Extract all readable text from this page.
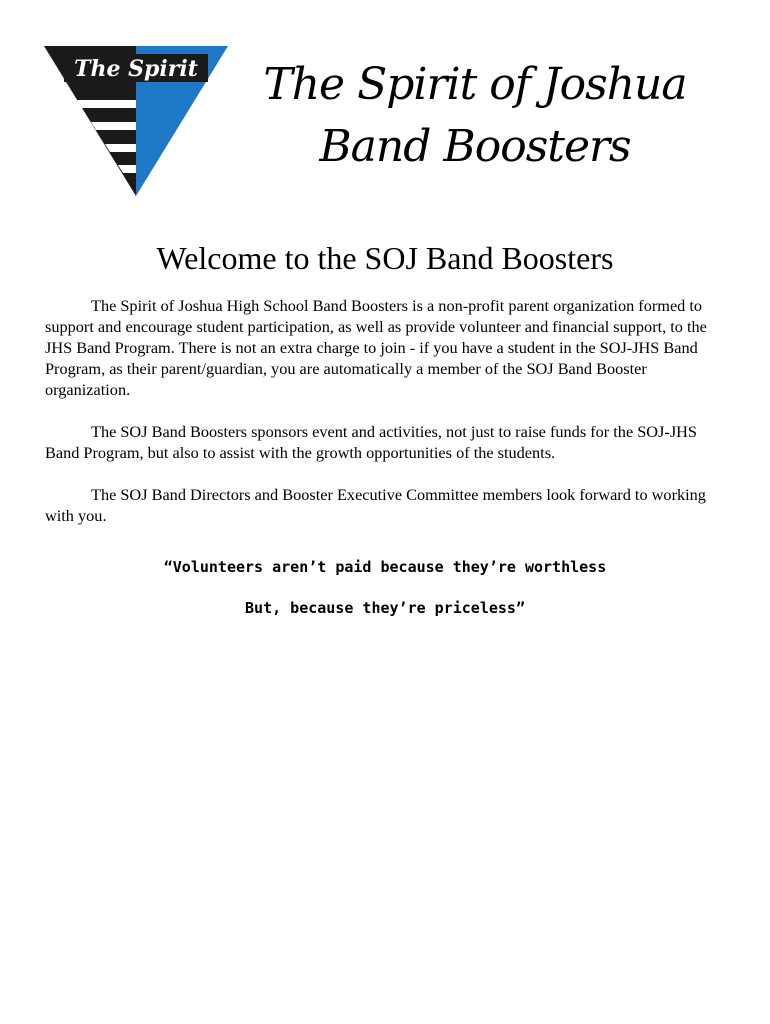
The Spirit	The Spirit of Joshua
Band Boosters
Welcome to the SOJ Band Boosters

The Spirit of Joshua High School Band Boosters is a non-profit parent organization formed to support and encourage student participation, as well as provide volunteer and financial support, to the JHS Band Program. There is not an extra charge to join - if you have a student in the SOJ-JHS Band Program, as their parent/guardian, you are automatically a member of the SOJ Band Booster organization.

The SOJ Band Boosters sponsors event and activities, not just to raise funds for the SOJ-JHS Band Program, but also to assist with the growth opportunities of the students.

The SOJ Band Directors and Booster Executive Committee members look forward to working with you.

“Volunteers aren’t paid because they’re worthless
But, because they’re priceless”
